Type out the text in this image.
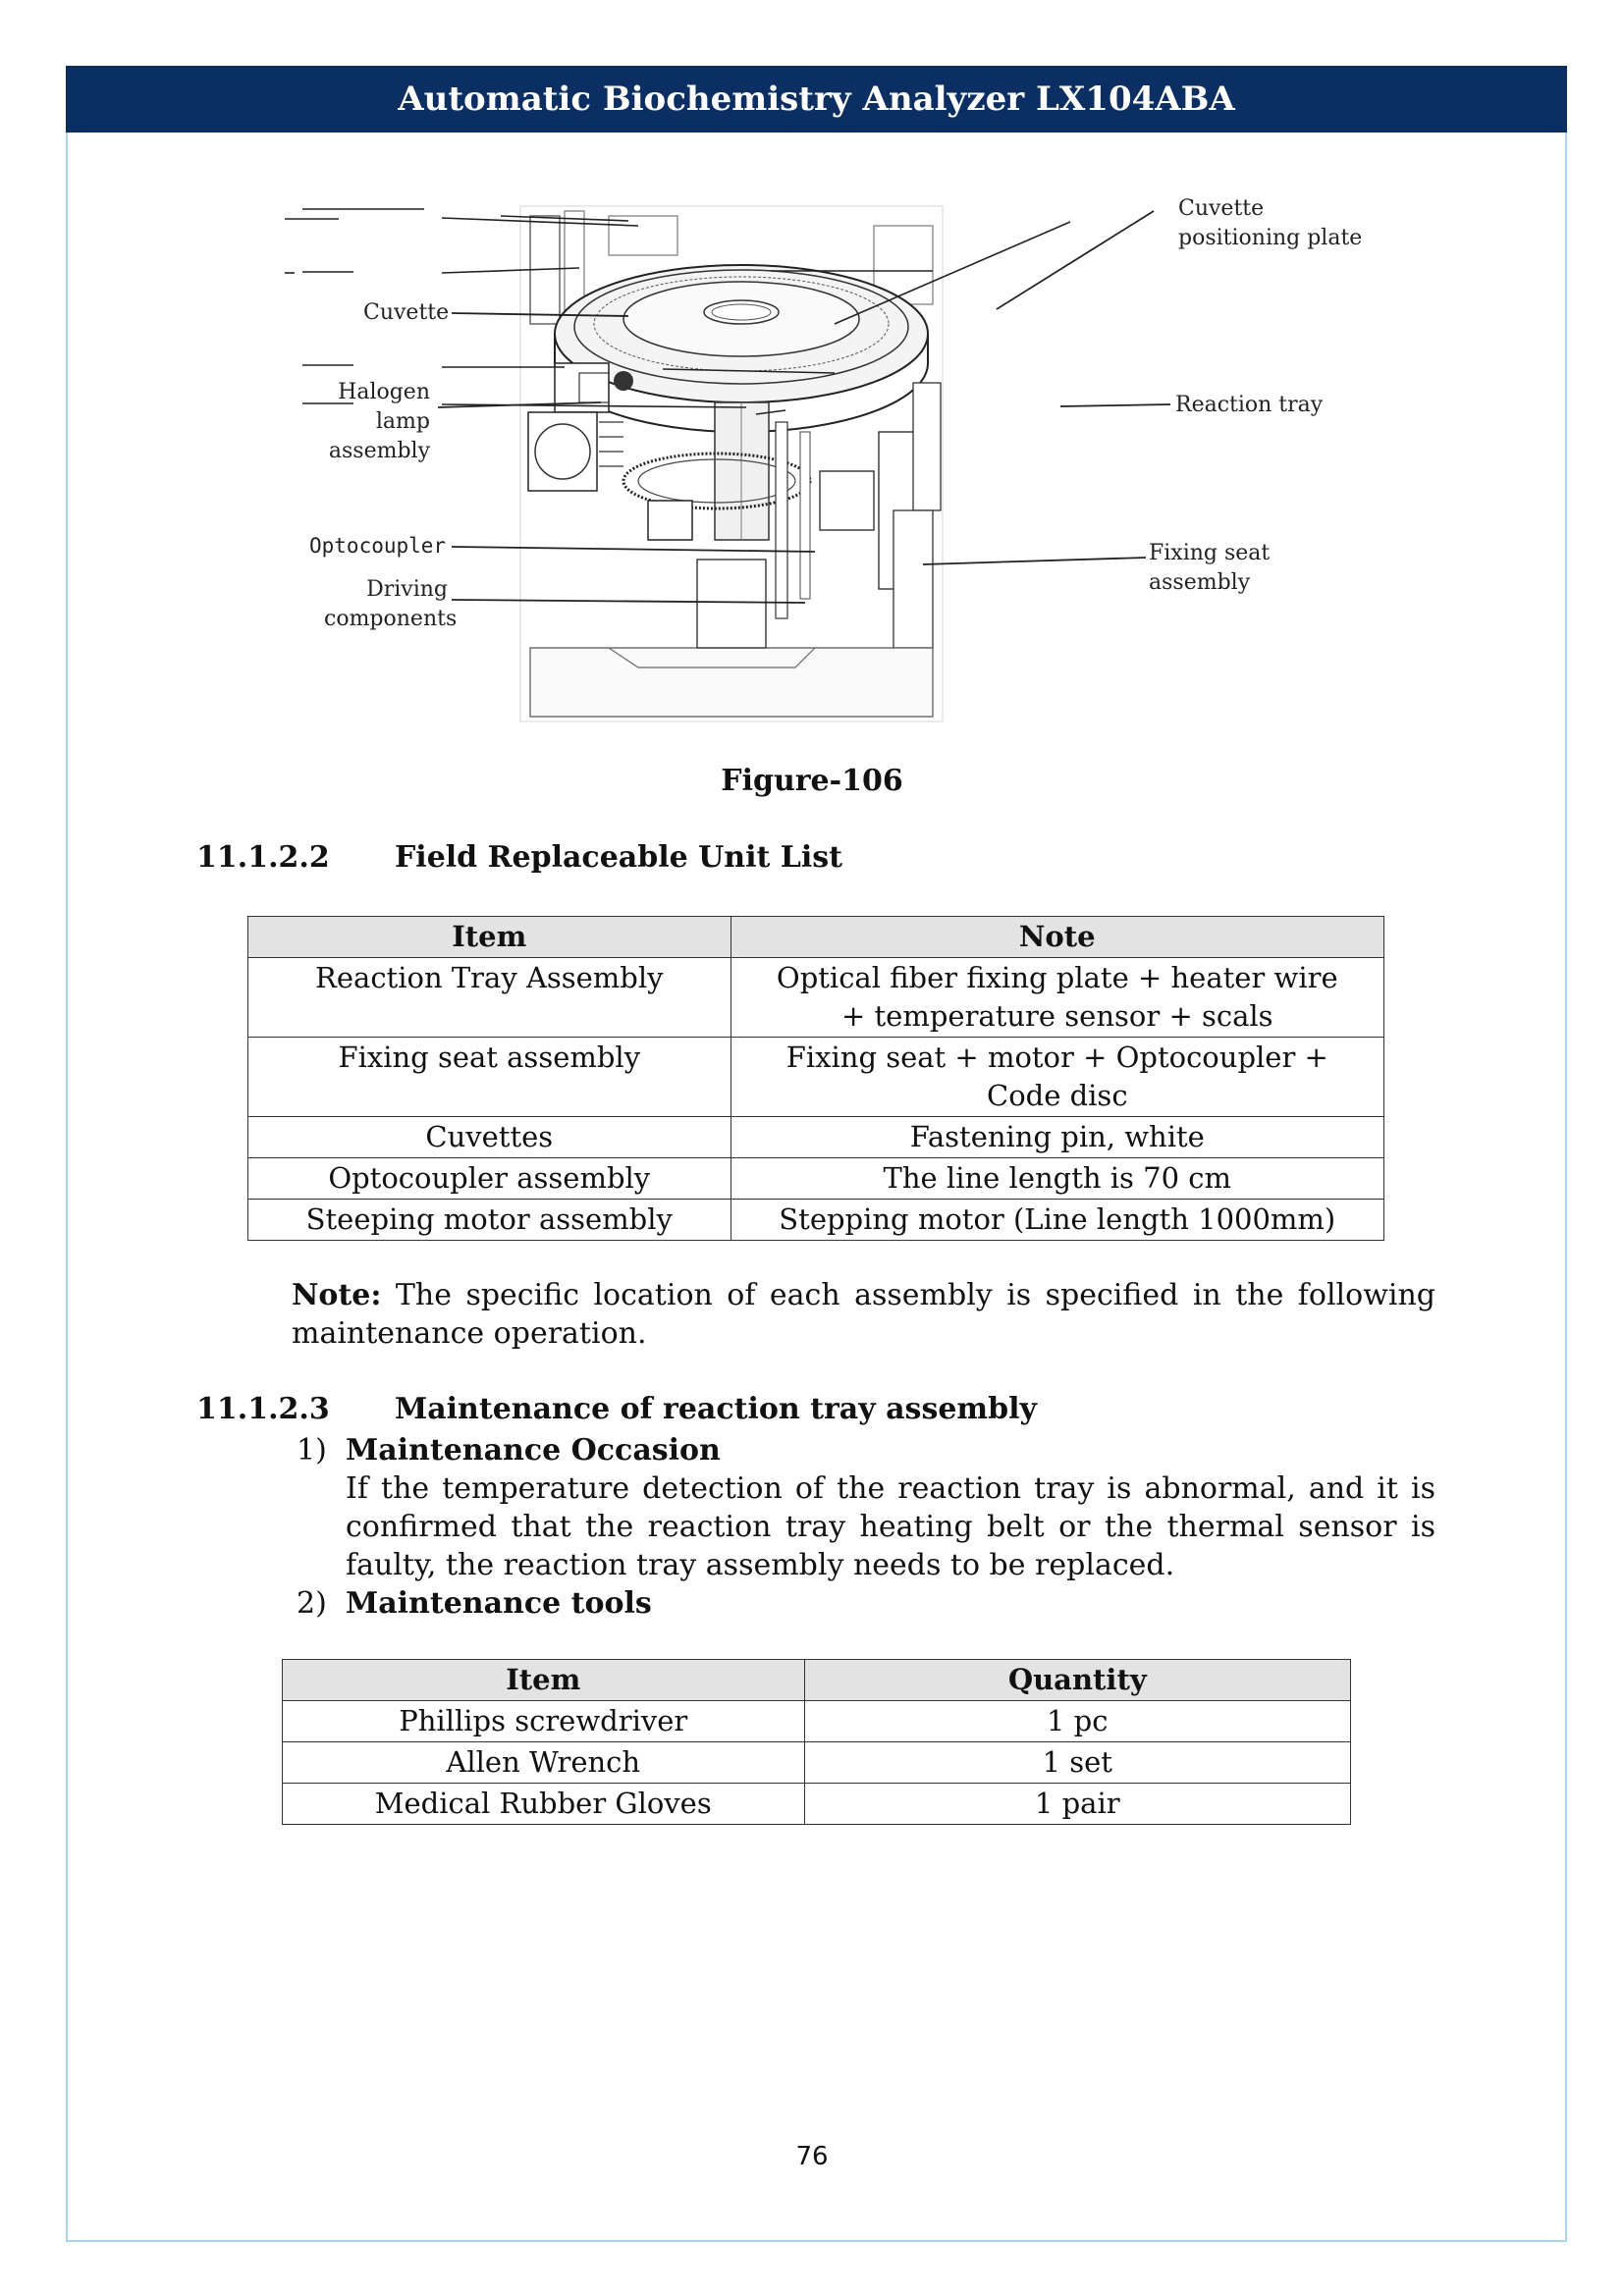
Automatic Biochemistry Analyzer LX104ABA
Cuvette
positioning plate
Cuvette
Halogen lamp
assembly
Reaction tray
Optocoupler
Driving
components
Fixing seat
assembly
Figure-106
11.1.2.2 Field Replaceable Unit List
Item	Note
Reaction Tray Assembly	Optical fiber fixing plate + heater wire + temperature sensor + scals
Fixing seat assembly	Fixing seat + motor + Optocoupler + Code disc
Cuvettes	Fastening pin, white
Optocoupler assembly	The line length is 70 cm
Steeping motor assembly	Stepping motor (Line length 1000mm)
Note: The specific location of each assembly is specified in the following maintenance operation.
11.1.2.3 Maintenance of reaction tray assembly
1) Maintenance Occasion
If the temperature detection of the reaction tray is abnormal, and it is confirmed that the reaction tray heating belt or the thermal sensor is faulty, the reaction tray assembly needs to be replaced.
2) Maintenance tools
Item	Quantity
Phillips screwdriver	1 pc
Allen Wrench	1 set
Medical Rubber Gloves	1 pair
76
